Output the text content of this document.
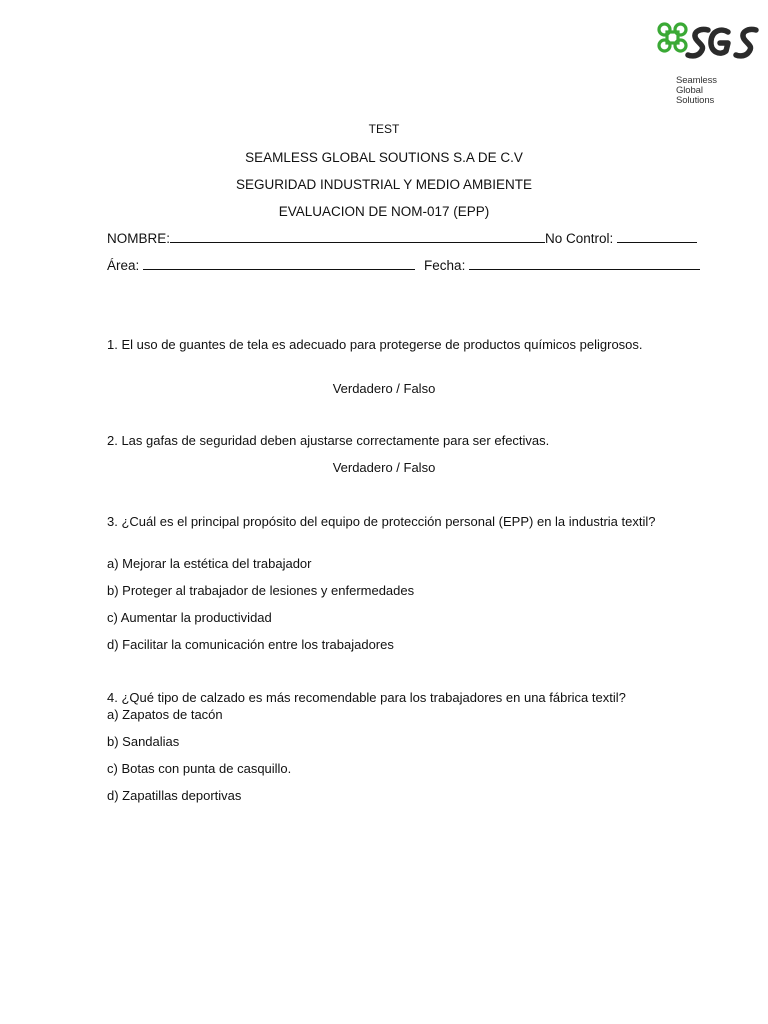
Seamless
Global
Solutions
TEST
SEAMLESS GLOBAL SOUTIONS S.A DE C.V
SEGURIDAD INDUSTRIAL Y MEDIO AMBIENTE
EVALUACION DE NOM-017 (EPP)
NOMBRE:	No Control:
Área:	Fecha:
1. El uso de guantes de tela es adecuado para protegerse de productos químicos peligrosos.
Verdadero / Falso
2. Las gafas de seguridad deben ajustarse correctamente para ser efectivas.
Verdadero / Falso
3. ¿Cuál es el principal propósito del equipo de protección personal (EPP) en la industria textil?
a) Mejorar la estética del trabajador
b) Proteger al trabajador de lesiones y enfermedades
c) Aumentar la productividad
d) Facilitar la comunicación entre los trabajadores
4. ¿Qué tipo de calzado es más recomendable para los trabajadores en una fábrica textil?
a) Zapatos de tacón
b) Sandalias
c) Botas con punta de casquillo.
d) Zapatillas deportivas
